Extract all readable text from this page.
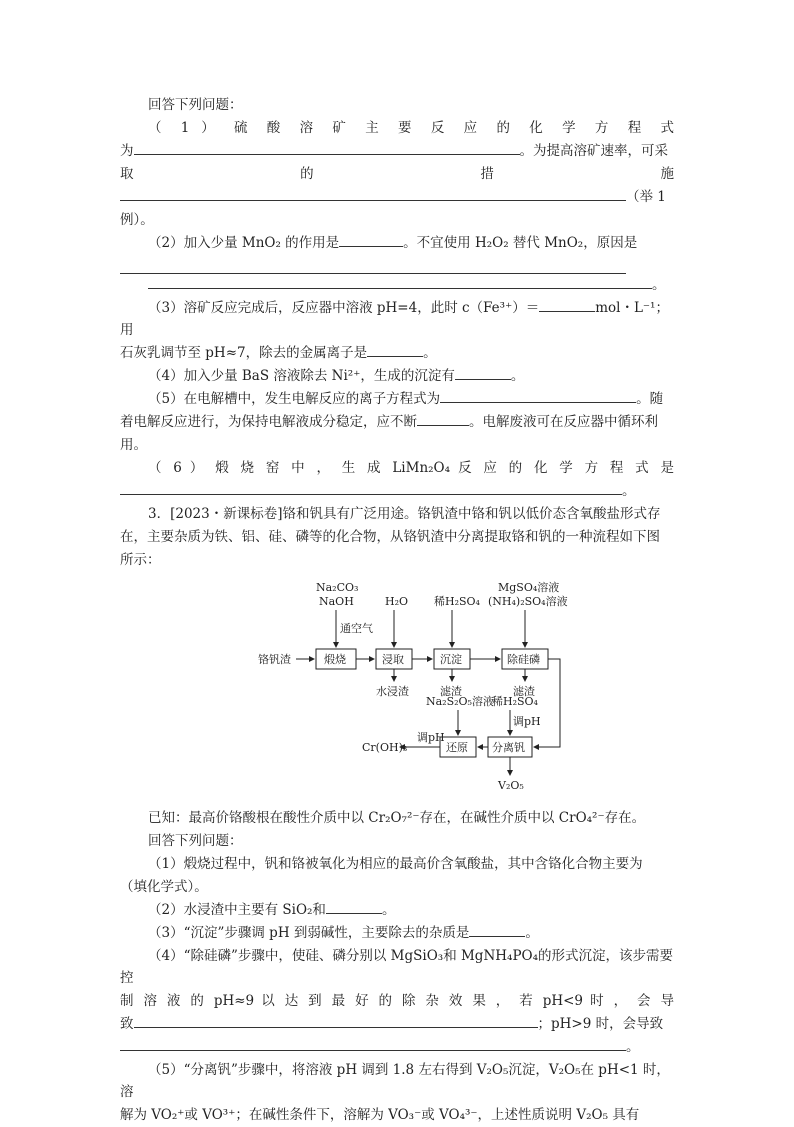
回答下列问题：

（ 1 ） 硫 酸 溶 矿 主 要 反 应 的 化 学 方 程 式

为	。为提高溶矿速率，可采

取 的 措 施

（举 1

例）。

（2）加入少量 MnO₂ 的作用是	。不宜使用 H₂O₂ 替代 MnO₂，原因是

。

（3）溶矿反应完成后，反应器中溶液 pH=4，此时 c（Fe³⁺）＝	mol・L⁻¹；用

石灰乳调节至 pH≈7，除去的金属离子是	。

（4）加入少量 BaS 溶液除去 Ni²⁺，生成的沉淀有	。

（5）在电解槽中，发生电解反应的离子方程式为	。随

着电解反应进行，为保持电解液成分稳定，应不断	。电解废液可在反应器中循环利

用。

（ 6 ） 煅 烧 窑 中 ， 生 成 LiMn₂O₄ 反 应 的 化 学 方 程 式 是

。

3．[2023・新课标卷]铬和钒具有广泛用途。铬钒渣中铬和钒以低价态含氧酸盐形式存

在，主要杂质为铁、铝、硅、磷等的化合物，从铬钒渣中分离提取铬和钒的一种流程如下图

所示：

铬钒渣	煅烧	浸取	沉淀	除硅磷
Na₂CO₃
NaOH
通空气
H₂O 稀H₂SO₄
MgSO₄溶液
(NH₄)₂SO₄溶液
水浸渣	滤渣	滤渣
分离钒
还原
调pH
Cr(OH)₃
Na₂S₂O₅溶液
稀H₂SO₄
调pH
V₂O₅

已知：最高价铬酸根在酸性介质中以 Cr₂O₇²⁻存在，在碱性介质中以 CrO₄²⁻存在。

回答下列问题：

（1）煅烧过程中，钒和铬被氧化为相应的最高价含氧酸盐，其中含铬化合物主要为

（填化学式）。

（2）水浸渣中主要有 SiO₂和	。

（3）“沉淀”步骤调 pH 到弱碱性，主要除去的杂质是	。

（4）“除硅磷”步骤中，使硅、磷分别以 MgSiO₃和 MgNH₄PO₄的形式沉淀，该步需要控

制 溶 液 的 pH≈9 以 达 到 最 好 的 除 杂 效 果 ， 若 pH<9 时 ， 会 导

致	；pH>9 时，会导致

。

（5）“分离钒”步骤中，将溶液 pH 调到 1.8 左右得到 V₂O₅沉淀，V₂O₅在 pH<1 时，溶

解为 VO₂⁺或 VO³⁺；在碱性条件下，溶解为 VO₃⁻或 VO₄³⁻，上述性质说明 V₂O₅ 具有
